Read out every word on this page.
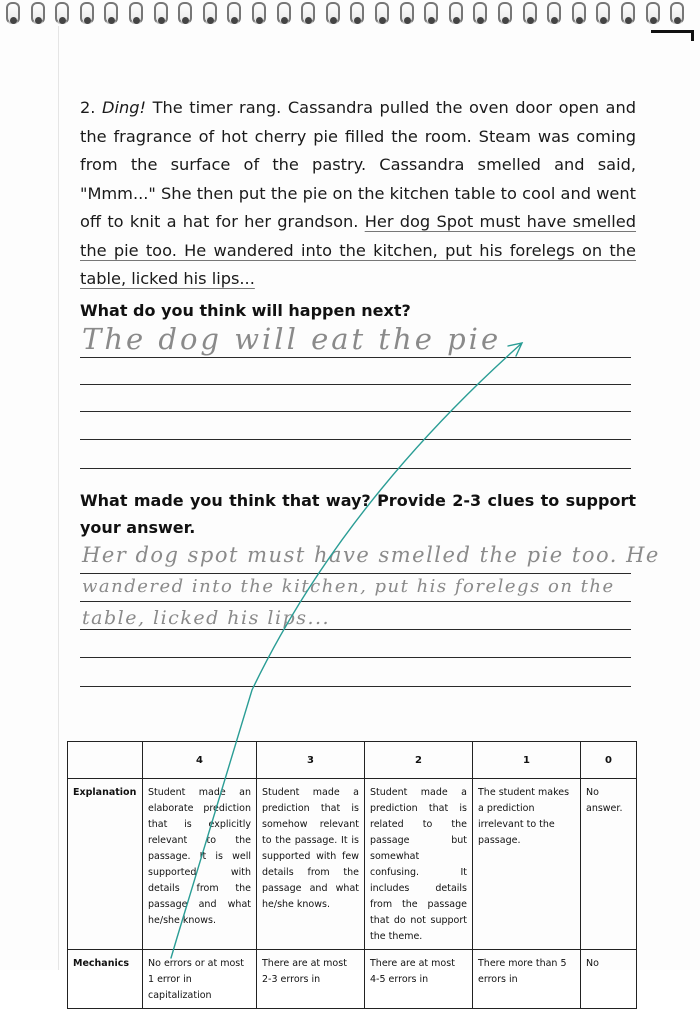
2. Ding! The timer rang. Cassandra pulled the oven door open and the fragrance of hot cherry pie filled the room. Steam was coming from the surface of the pastry. Cassandra smelled and said, "Mmm..." She then put the pie on the kitchen table to cool and went off to knit a hat for her grandson. Her dog Spot must have smelled the pie too. He wandered into the kitchen, put his forelegs on the table, licked his lips...

What do you think will happen next?

The dog will eat the pie

What made you think that way? Provide 2-3 clues to support your answer.

Her dog spot must have smelled the pie too. He
wandered into the kitchen, put his forelegs on the
table, licked his lips...
	4	3	2	1	0
Explanation	Student made an elaborate prediction that is explicitly relevant to the passage. It is well supported with details from the passage and what he/she knows.	Student made a prediction that is somehow relevant to the passage. It is supported with few details from the passage and what he/she knows.	Student made a prediction that is related to the passage but somewhat confusing. It includes details from the passage that do not support the theme.	The student makes a prediction irrelevant to the passage.	No answer.
Mechanics	No errors or at most 1 error in capitalization	There are at most 2-3 errors in	There are at most 4-5 errors in	There more than 5 errors in	No
